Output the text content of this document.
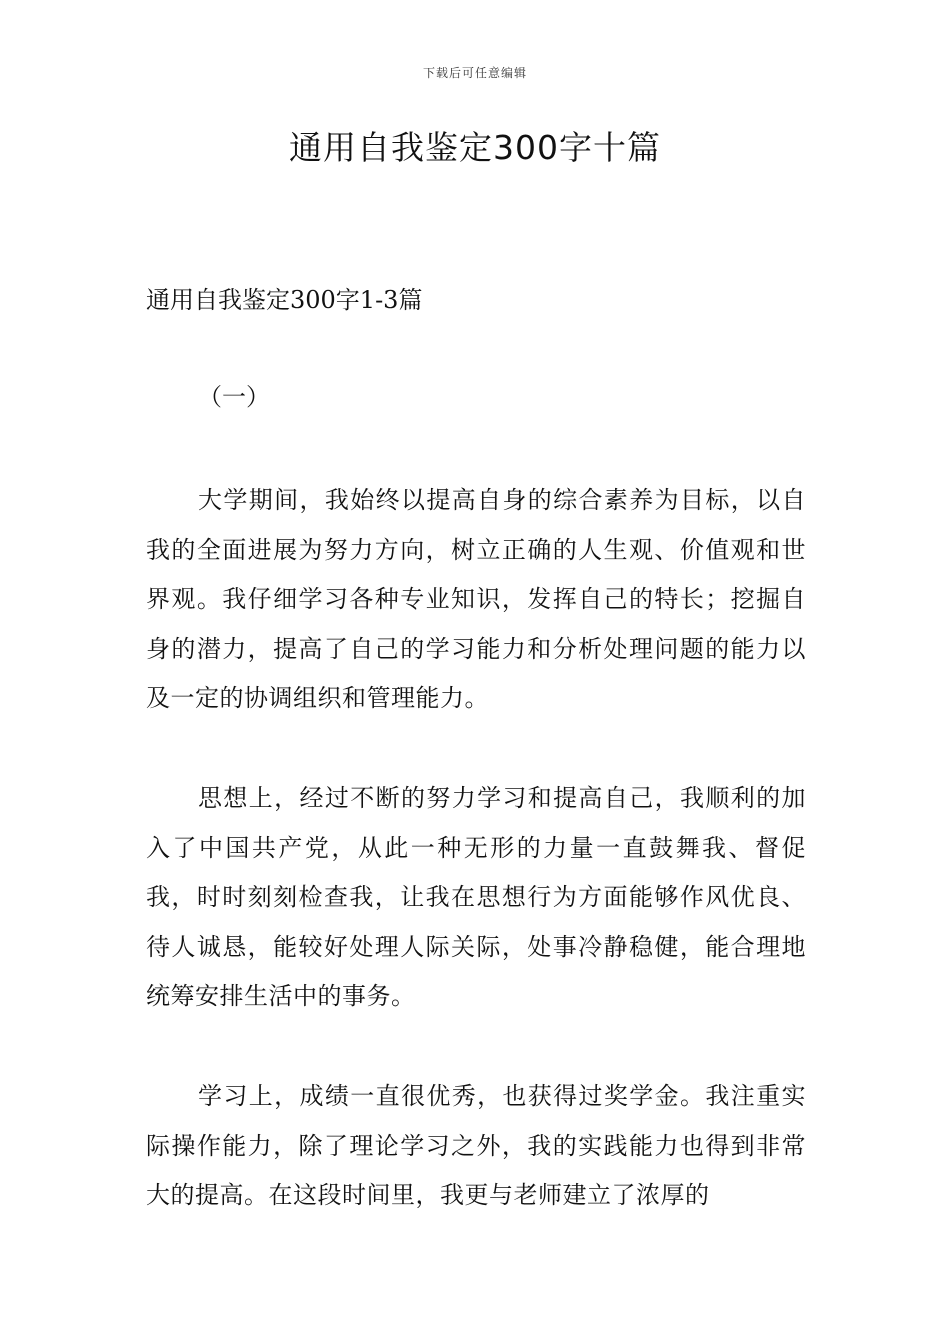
下载后可任意编辑
通用自我鉴定300字十篇
通用自我鉴定300字1-3篇
（一）

大学期间，我始终以提高自身的综合素养为目标，以自我的全面进展为努力方向，树立正确的人生观、价值观和世界观。我仔细学习各种专业知识，发挥自己的特长；挖掘自身的潜力，提高了自己的学习能力和分析处理问题的能力以及一定的协调组织和管理能力。

思想上，经过不断的努力学习和提高自己，我顺利的加入了中国共产党，从此一种无形的力量一直鼓舞我、督促我，时时刻刻检查我，让我在思想行为方面能够作风优良、待人诚恳，能较好处理人际关际，处事冷静稳健，能合理地统筹安排生活中的事务。

学习上，成绩一直很优秀，也获得过奖学金。我注重实际操作能力，除了理论学习之外，我的实践能力也得到非常大的提高。在这段时间里，我更与老师建立了浓厚的
